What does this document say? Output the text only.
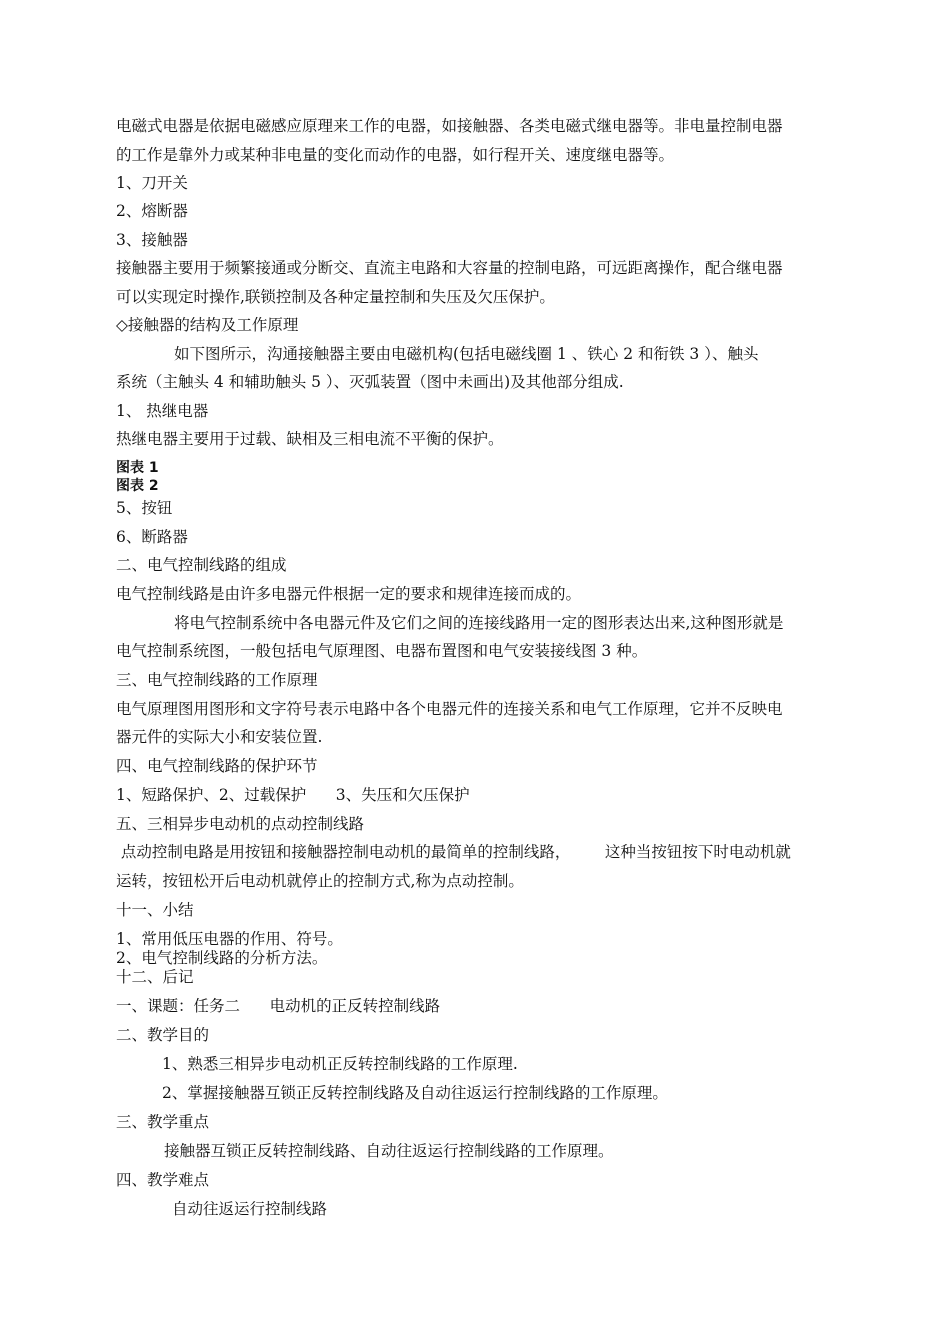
电磁式电器是依据电磁感应原理来工作的电器，如接触器、各类电磁式继电器等。非电量控制电器
的工作是靠外力或某种非电量的变化而动作的电器，如行程开关、速度继电器等。
1、刀开关
2、熔断器
3、接触器
接触器主要用于频繁接通或分断交、直流主电路和大容量的控制电路，可远距离操作，配合继电器
可以实现定时操作,联锁控制及各种定量控制和失压及欠压保护。
◇接触器的结构及工作原理
如下图所示，沟通接触器主要由电磁机构(包括电磁线圈 1 、铁心 2 和衔铁 3 ）、触头
系统（主触头 4 和辅助触头 5 ）、灭弧装置（图中未画出)及其他部分组成.
1、 热继电器
热继电器主要用于过载、缺相及三相电流不平衡的保护。
图表 1
图表 2
5、按钮
6、断路器
二、电气控制线路的组成
电气控制线路是由许多电器元件根据一定的要求和规律连接而成的。
将电气控制系统中各电器元件及它们之间的连接线路用一定的图形表达出来,这种图形就是
电气控制系统图，一般包括电气原理图、电器布置图和电气安装接线图 3 种。
三、电气控制线路的工作原理
电气原理图用图形和文字符号表示电路中各个电器元件的连接关系和电气工作原理，它并不反映电
器元件的实际大小和安装位置.
四、电气控制线路的保护环节
1、短路保护、2、过载保护      3、失压和欠压保护
五、三相异步电动机的点动控制线路
点动控制电路是用按钮和接触器控制电动机的最简单的控制线路，       这种当按钮按下时电动机就
运转，按钮松开后电动机就停止的控制方式,称为点动控制。
十一、小结
1、常用低压电器的作用、符号。
2、电气控制线路的分析方法。
十二、后记
一、课题：任务二      电动机的正反转控制线路
二、教学目的
1、熟悉三相异步电动机正反转控制线路的工作原理.
2、掌握接触器互锁正反转控制线路及自动往返运行控制线路的工作原理。
三、教学重点
接触器互锁正反转控制线路、自动往返运行控制线路的工作原理。
四、教学难点
自动往返运行控制线路
